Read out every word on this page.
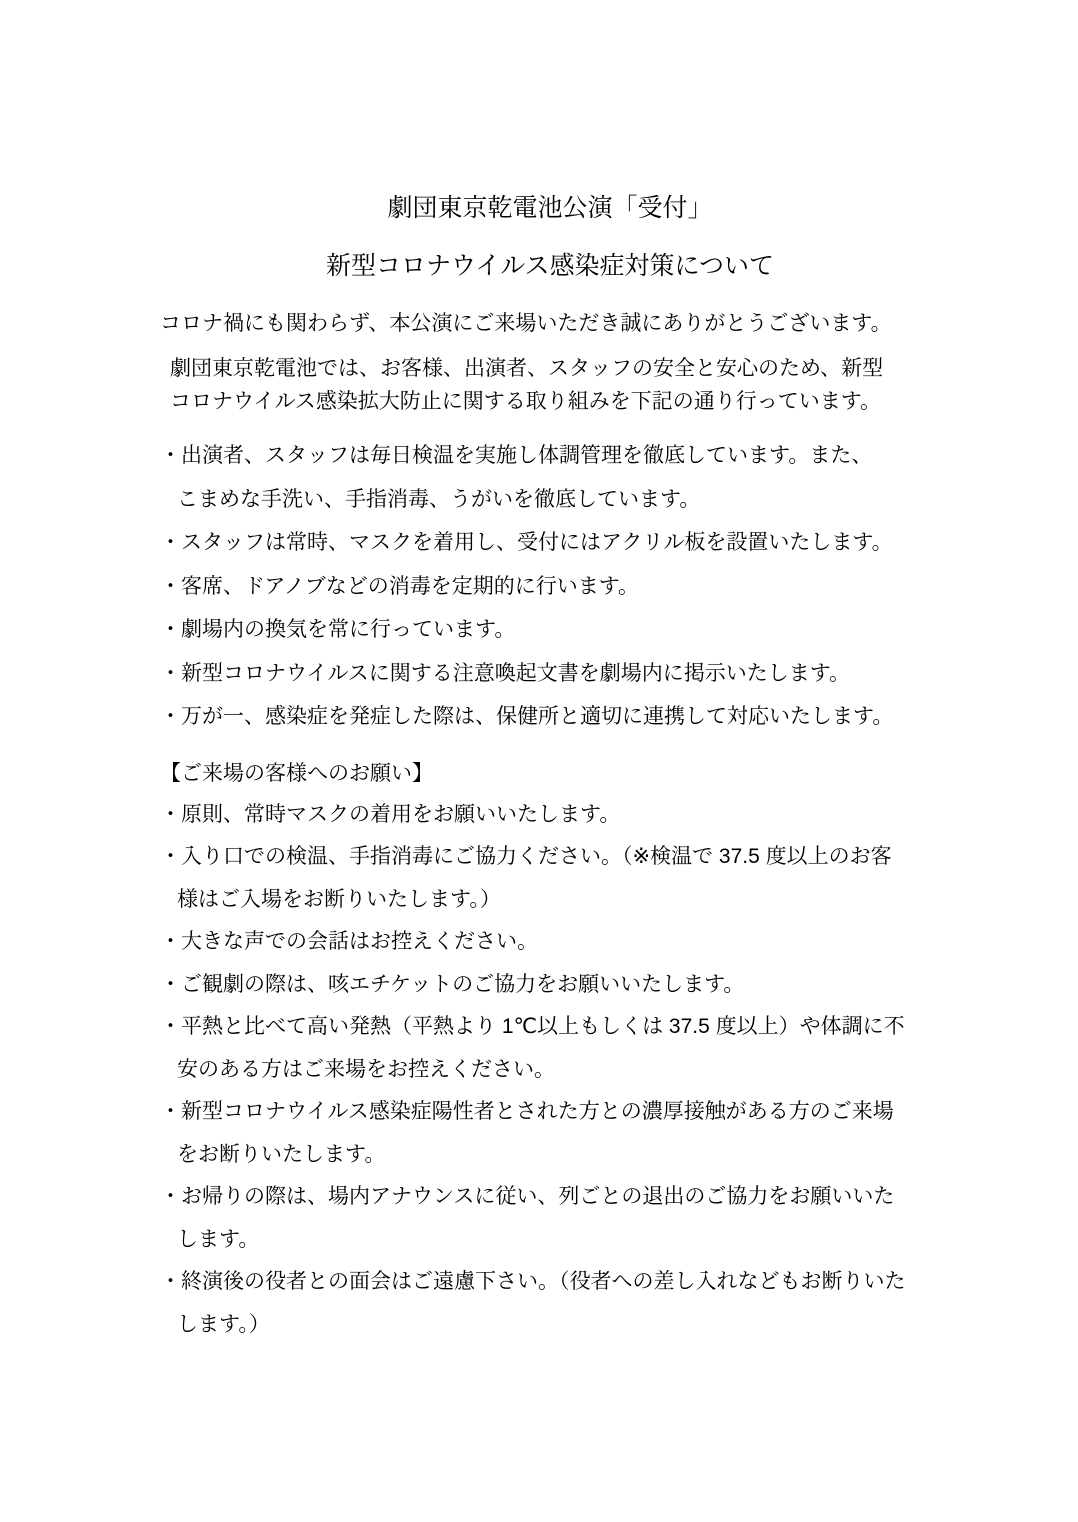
劇団東京乾電池公演「受付」
新型コロナウイルス感染症対策について
コロナ禍にも関わらず、本公演にご来場いただき誠にありがとうございます。
劇団東京乾電池では、お客様、出演者、スタッフの安全と安心のため、新型
コロナウイルス感染拡大防止に関する取り組みを下記の通り行っています。
・出演者、スタッフは毎日検温を実施し体調管理を徹底しています。また、
こまめな手洗い、手指消毒、うがいを徹底しています。
・スタッフは常時、マスクを着用し、受付にはアクリル板を設置いたします。
・客席、ドアノブなどの消毒を定期的に行います。
・劇場内の換気を常に行っています。
・新型コロナウイルスに関する注意喚起文書を劇場内に掲示いたします。
・万が一、感染症を発症した際は、保健所と適切に連携して対応いたします。
【ご来場の客様へのお願い】
・原則、常時マスクの着用をお願いいたします。
・入り口での検温、手指消毒にご協力ください。（※検温で 37.5 度以上のお客
様はご入場をお断りいたします。）
・大きな声での会話はお控えください。
・ご観劇の際は、咳エチケットのご協力をお願いいたします。
・平熱と比べて高い発熱（平熱より 1℃以上もしくは 37.5 度以上）や体調に不
安のある方はご来場をお控えください。
・新型コロナウイルス感染症陽性者とされた方との濃厚接触がある方のご来場
をお断りいたします。
・お帰りの際は、場内アナウンスに従い、列ごとの退出のご協力をお願いいた
します。
・終演後の役者との面会はご遠慮下さい。（役者への差し入れなどもお断りいた
します。）
